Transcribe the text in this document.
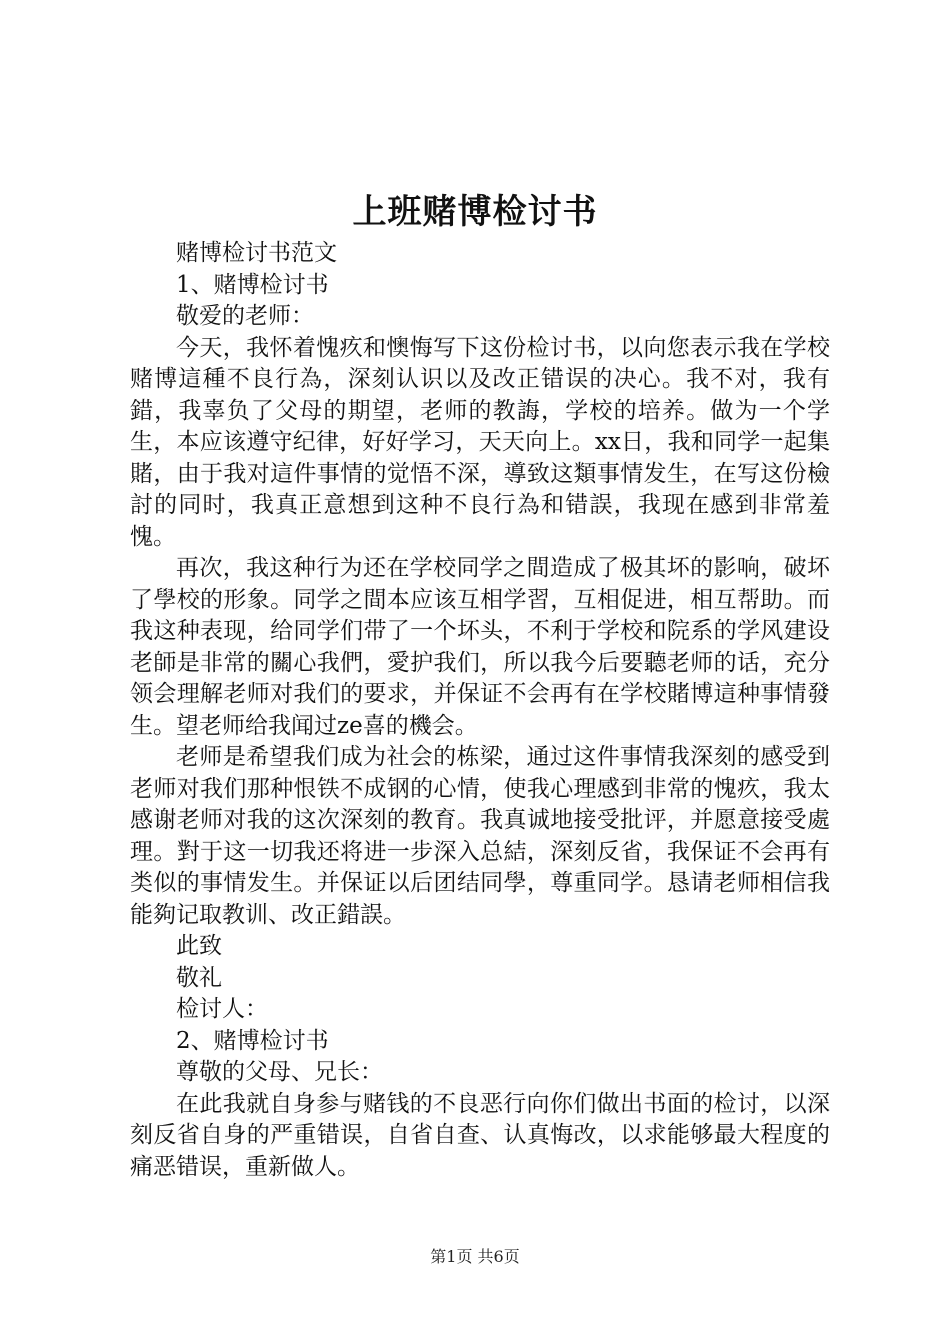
上班赌博检讨书

赌博检讨书范文

1、赌博检讨书

敬爱的老师：

今天，我怀着愧疚和懊悔写下这份检讨书，以向您表示我在学校赌博這種不良行為，深刻认识以及改正错误的决心。我不对，我有錯，我辜负了父母的期望，老师的教誨，学校的培养。做为一个学生，本应该遵守纪律，好好学习，天天向上。xx日，我和同学一起集賭，由于我对這件事情的觉悟不深，導致这類事情发生，在写这份檢討的同时，我真正意想到这种不良行為和错誤，我现在感到非常羞愧。

再次，我这种行为还在学校同学之間造成了极其坏的影响，破坏了學校的形象。同学之間本应该互相学習，互相促进，相互帮助。而我这种表现，给同学们带了一个坏头，不利于学校和院系的学风建设老師是非常的關心我們，愛护我们，所以我今后要聽老师的话，充分领会理解老师对我们的要求，并保证不会再有在学校賭博這种事情發生。望老师给我闻过ze喜的機会。

老师是希望我们成为社会的栋梁，通过这件事情我深刻的感受到老师对我们那种恨铁不成钢的心情，使我心理感到非常的愧疚，我太感谢老师对我的这次深刻的教育。我真诚地接受批评，并愿意接受處理。對于这一切我还将进一步深入总結，深刻反省，我保证不会再有类似的事情发生。并保证以后团结同學，尊重同学。恳请老师相信我能夠记取教训、改正錯誤。

此致

敬礼

检讨人：

2、赌博检讨书

尊敬的父母、兄长：

在此我就自身参与赌钱的不良恶行向你们做出书面的检讨，以深刻反省自身的严重错误，自省自查、认真悔改，以求能够最大程度的痛恶错误，重新做人。

第1页 共6页
